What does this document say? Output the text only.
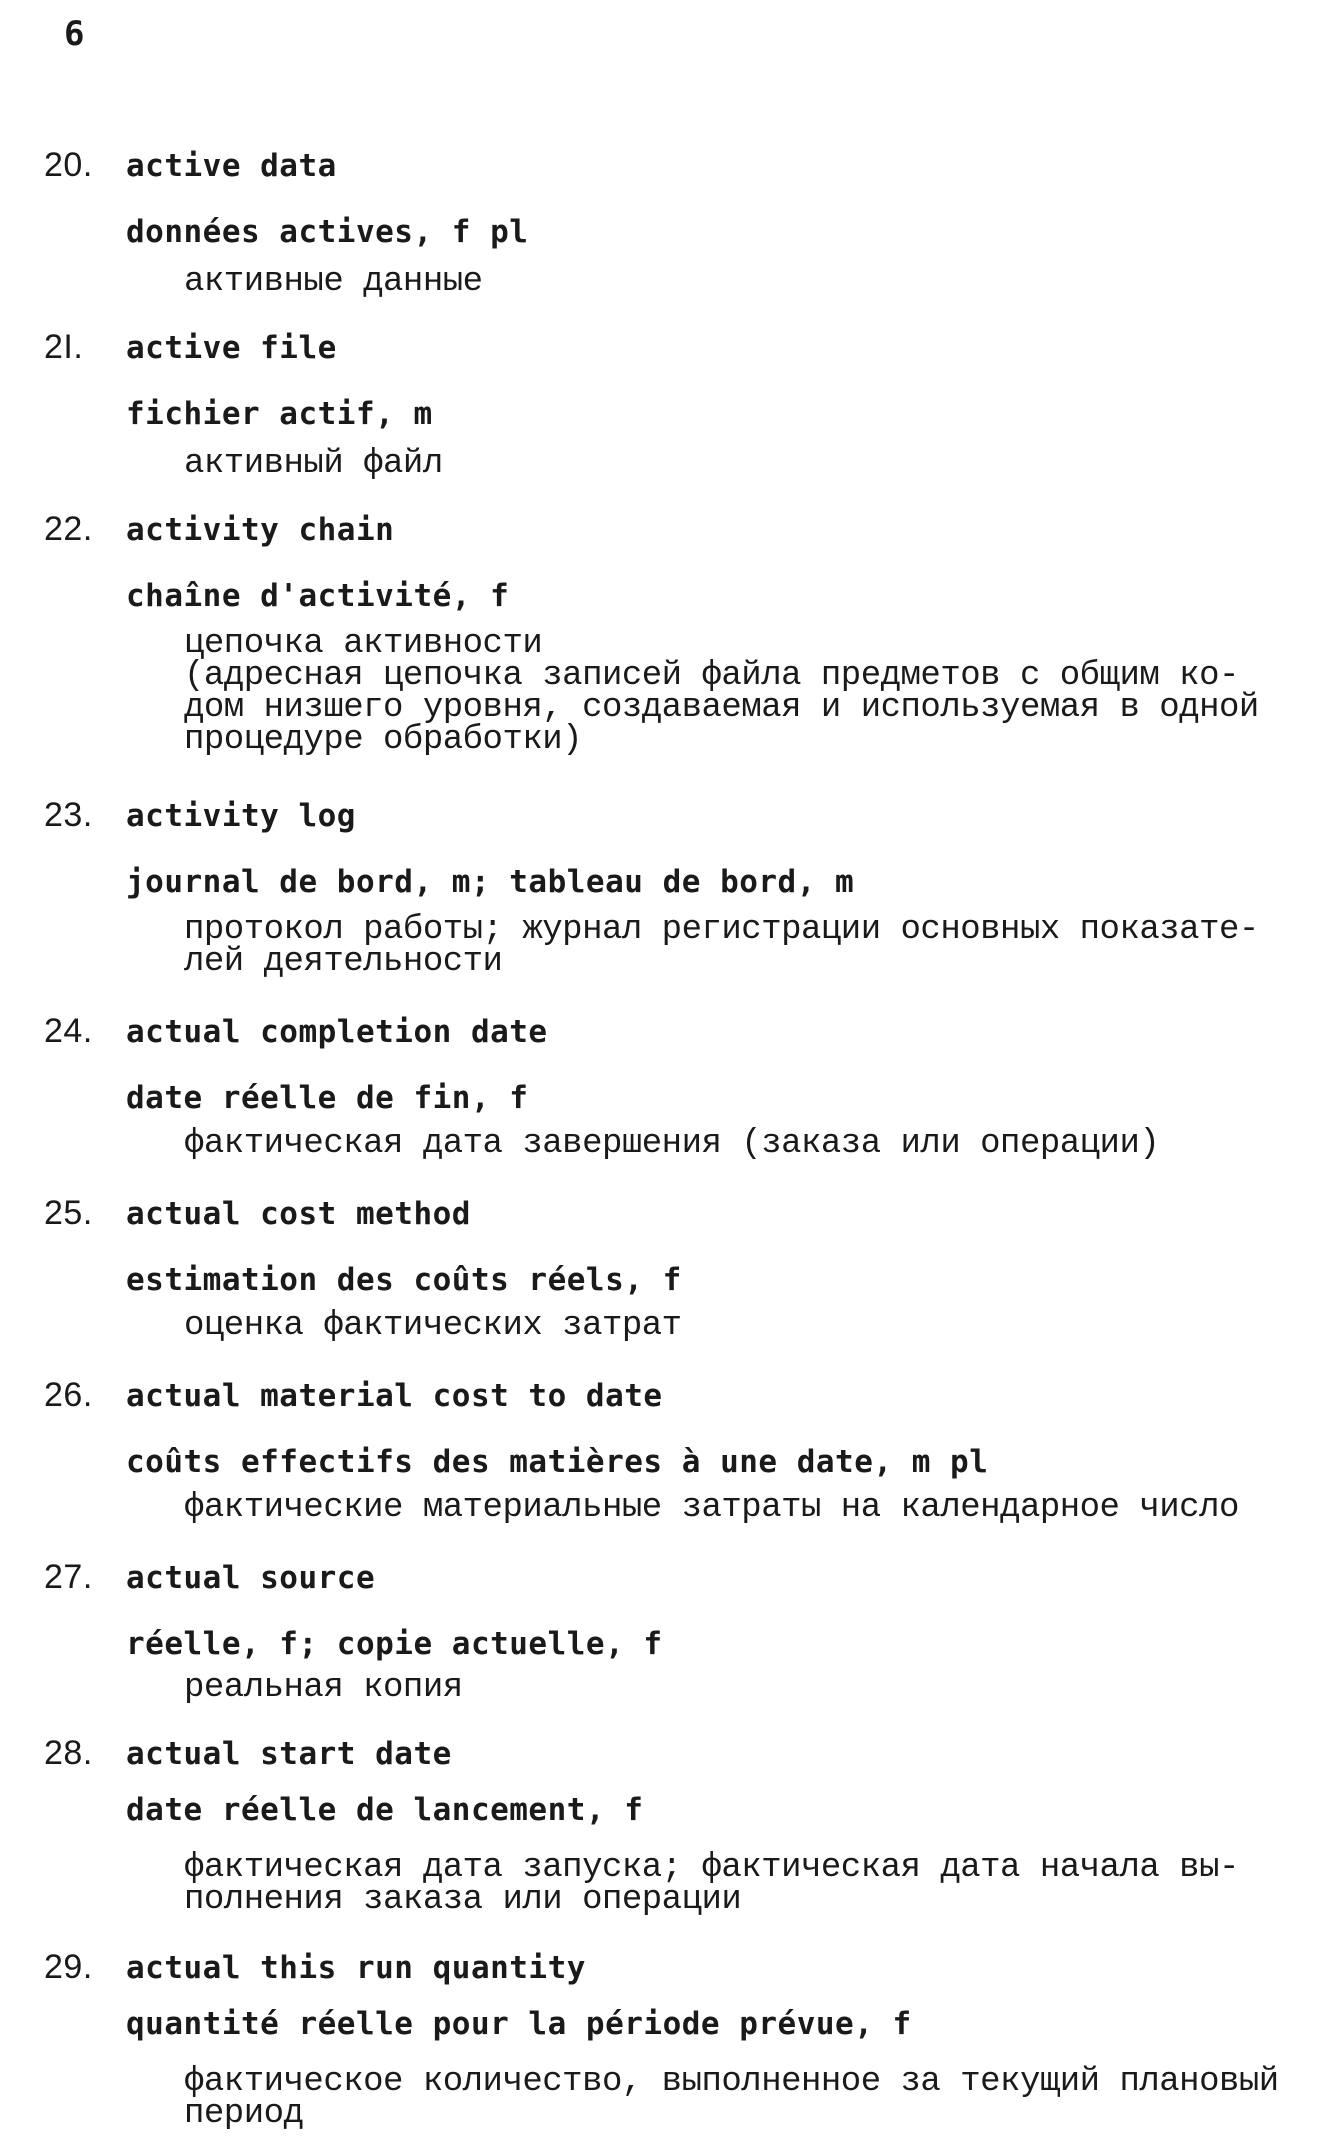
6
20. active data
données actives, f pl
активные данные
2I. active file
fichier actif, m
активный файл
22. activity chain
chaîne d'activité, f
цепочка активности
(адресная цепочка записей файла предметов с общим ко-
дом низшего уровня, создаваемая и используемая в одной
процедуре обработки)
23. activity log
journal de bord, m; tableau de bord, m
протокол работы; журнал регистрации основных показате-
лей деятельности
24. actual completion date
date réelle de fin, f
фактическая дата завершения (заказа или операции)
25. actual cost method
estimation des coûts réels, f
оценка фактических затрат
26. actual material cost to date
coûts effectifs des matières à une date, m pl
фактические материальные затраты на календарное число
27. actual source
réelle, f; copie actuelle, f
реальная копия
28. actual start date
date réelle de lancement, f
фактическая дата запуска; фактическая дата начала вы-
полнения заказа или операции
29. actual this run quantity
quantité réelle pour la période prévue, f
фактическое количество, выполненное за текущий плановый
период
